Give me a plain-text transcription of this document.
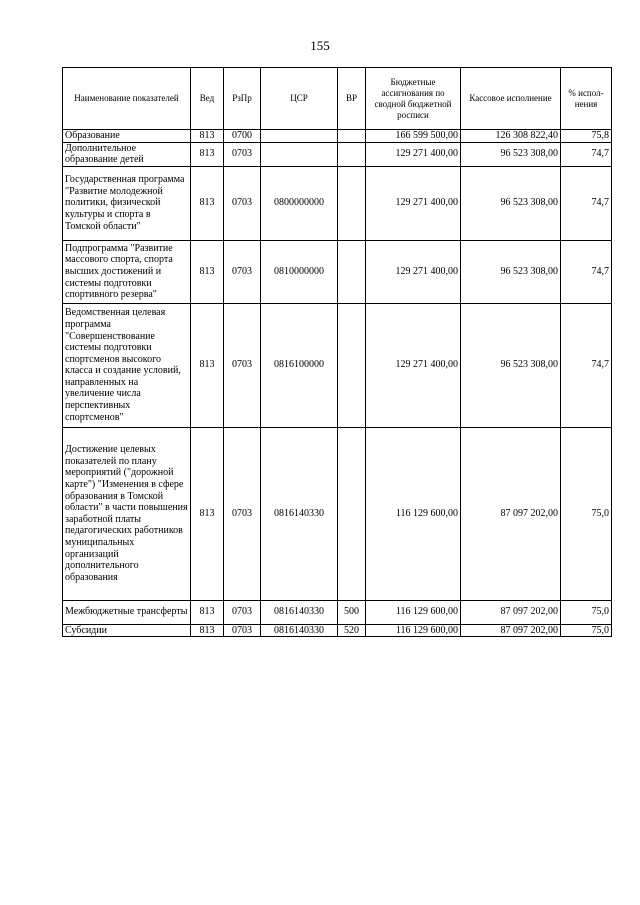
155
Наименование показателей	Вед	РзПр	ЦСР	ВР	Бюджетные ассигнования по сводной бюджетной росписи	Кассовое исполнение	% испол-нения
Образование	813	0700			166 599 500,00	126 308 822,40	75,8
Дополнительное образование детей	813	0703			129 271 400,00	96 523 308,00	74,7
Государственная программа "Развитие молодежной политики, физической культуры и спорта в Томской области"	813	0703	0800000000		129 271 400,00	96 523 308,00	74,7
Подпрограмма "Развитие массового спорта, спорта высших достижений и системы подготовки спортивного резерва"	813	0703	0810000000		129 271 400,00	96 523 308,00	74,7
Ведомственная целевая программа "Совершенствование системы подготовки спортсменов высокого класса и создание условий, направленных на увеличение числа перспективных спортсменов"	813	0703	0816100000		129 271 400,00	96 523 308,00	74,7
Достижение целевых показателей по плану мероприятий ("дорожной карте") "Изменения в сфере образования в Томской области" в части повышения заработной платы педагогических работников муниципальных организаций дополнительного образования	813	0703	0816140330		116 129 600,00	87 097 202,00	75,0
Межбюджетные трансферты	813	0703	0816140330	500	116 129 600,00	87 097 202,00	75,0
Субсидии	813	0703	0816140330	520	116 129 600,00	87 097 202,00	75,0
